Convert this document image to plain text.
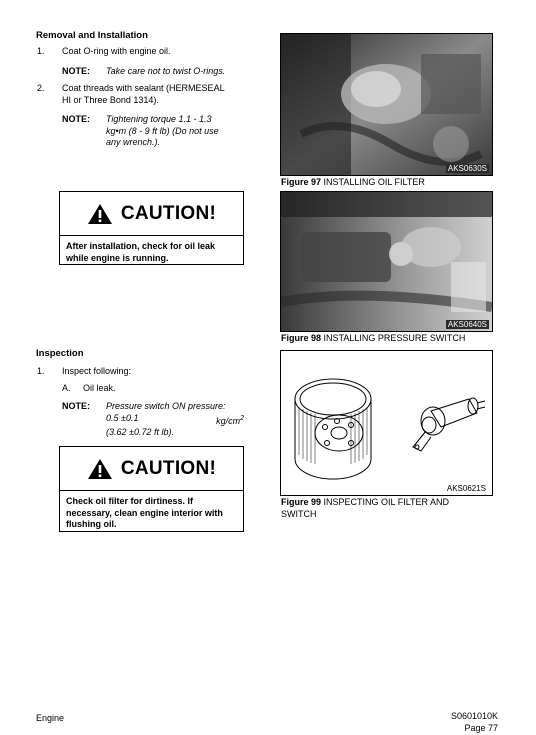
Removal and Installation
1. Coat O-ring with engine oil.
NOTE: Take care not to twist O-rings.
2. Coat threads with sealant (HERMESEAL
HI or Three Bond 1314).
NOTE: Tightening torque 1.1 - 1.3
kg•m (8 - 9 ft lb) (Do not use
any wrench.).
CAUTION!
After installation, check for oil leak
while engine is running.
Inspection
1. Inspect following:
A. Oil leak.
NOTE: Pressure switch ON pressure:
0.5 ±0.1	$kg/cm^2$
(3.62 ±0.72 ft lb).
CAUTION!
Check oil filter for dirtiness. If
necessary, clean engine interior with
flushing oil.
AKS0630S
Figure 97 INSTALLING OIL FILTER
AKS0640S
Figure 98 INSTALLING PRESSURE SWITCH
AKS0621S
Figure 99 INSPECTING OIL FILTER AND
SWITCH
Engine	S0601010K
Page 77
